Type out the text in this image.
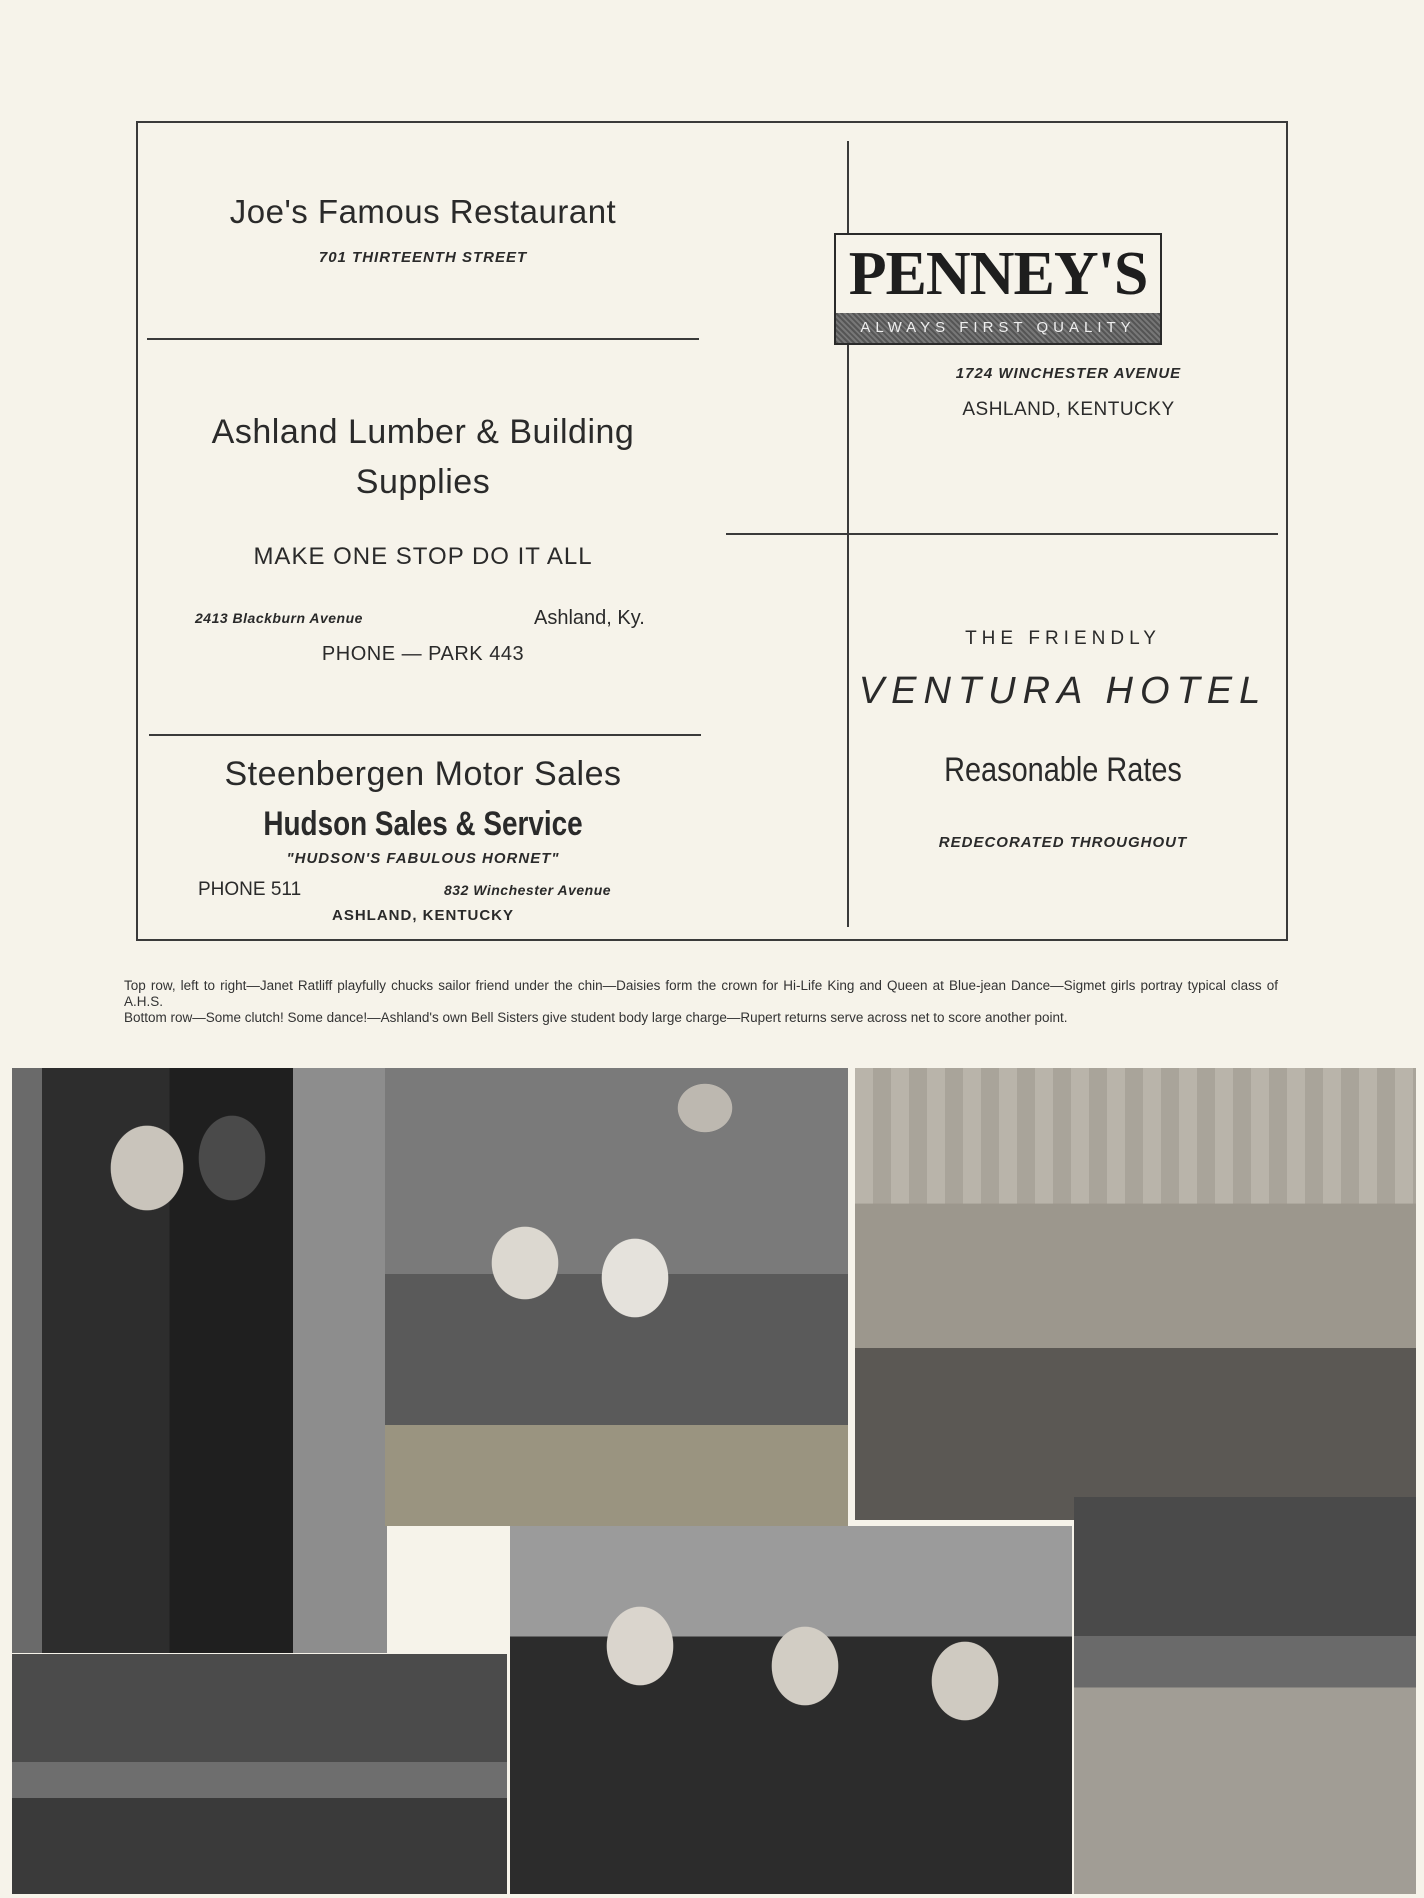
Joe's Famous Restaurant
701 THIRTEENTH STREET
Ashland Lumber & Building
Supplies
MAKE ONE STOP DO IT ALL
2413 Blackburn Avenue	Ashland, Ky.
PHONE — PARK 443
Steenbergen Motor Sales
Hudson Sales & Service
"HUDSON'S FABULOUS HORNET"
PHONE 511	832 Winchester Avenue
ASHLAND, KENTUCKY
PENNEY'S
ALWAYS FIRST QUALITY
1724 WINCHESTER AVENUE
ASHLAND, KENTUCKY
THE FRIENDLY
VENTURA HOTEL
Reasonable Rates
REDECORATED THROUGHOUT

Top row, left to right—Janet Ratliff playfully chucks sailor friend under the chin—Daisies form the crown for Hi-Life King and Queen at Blue-jean Dance—Sigmet girls portray typical class of A.H.S.

Bottom row—Some clutch! Some dance!—Ashland's own Bell Sisters give student body large charge—Rupert returns serve across net to score another point.
